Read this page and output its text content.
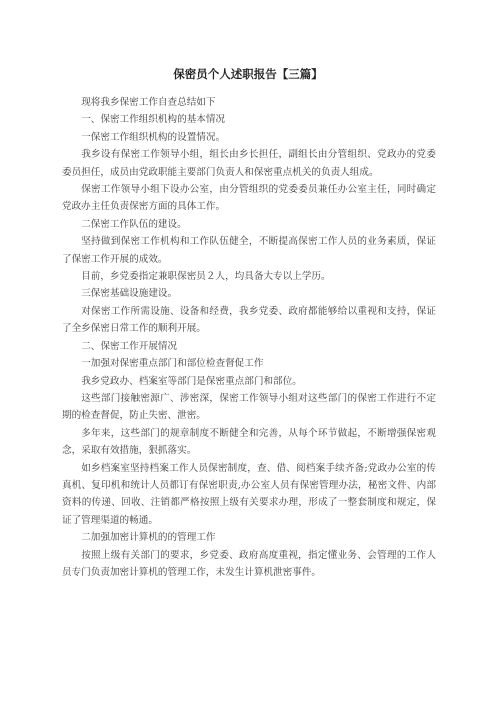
保密员个人述职报告【三篇】

现将我乡保密工作自查总结如下

一、保密工作组织机构的基本情况

一保密工作组织机构的设置情况。

我乡设有保密工作领导小组，组长由乡长担任，副组长由分管组织、党政办的党委委员担任，成员由党政职能主要部门负责人和保密重点机关的负责人组成。

保密工作领导小组下设办公室，由分管组织的党委委员兼任办公室主任，同时确定党政办主任负责保密方面的具体工作。

二保密工作队伍的建设。

坚持做到保密工作机构和工作队伍健全，不断提高保密工作人员的业务素质，保证了保密工作开展的成效。

目前，乡党委指定兼职保密员２人，均具备大专以上学历。

三保密基础设施建设。

对保密工作所需设施、设备和经费，我乡党委、政府都能够给以重视和支持，保证了全乡保密日常工作的顺利开展。

二、保密工作开展情况

一加强对保密重点部门和部位检查督促工作

我乡党政办、档案室等部门是保密重点部门和部位。

这些部门接触密源广、涉密深，保密工作领导小组对这些部门的保密工作进行不定期的检查督促，防止失密、泄密。

多年来，这些部门的规章制度不断健全和完善，从每个环节做起，不断增强保密观念，采取有效措施，狠抓落实。

如乡档案室坚持档案工作人员保密制度，查、借、阅档案手续齐备;党政办公室的传真机、复印机和统计人员都订有保密职责,办公室人员有保密管理办法，秘密文件、内部资料的传递、回收、注销都严格按照上级有关要求办理，形成了一整套制度和规定，保证了管理渠道的畅通。

二加强加密计算机的的管理工作

按照上级有关部门的要求，乡党委、政府高度重视，指定懂业务、会管理的工作人员专门负责加密计算机的管理工作，未发生计算机泄密事件。
